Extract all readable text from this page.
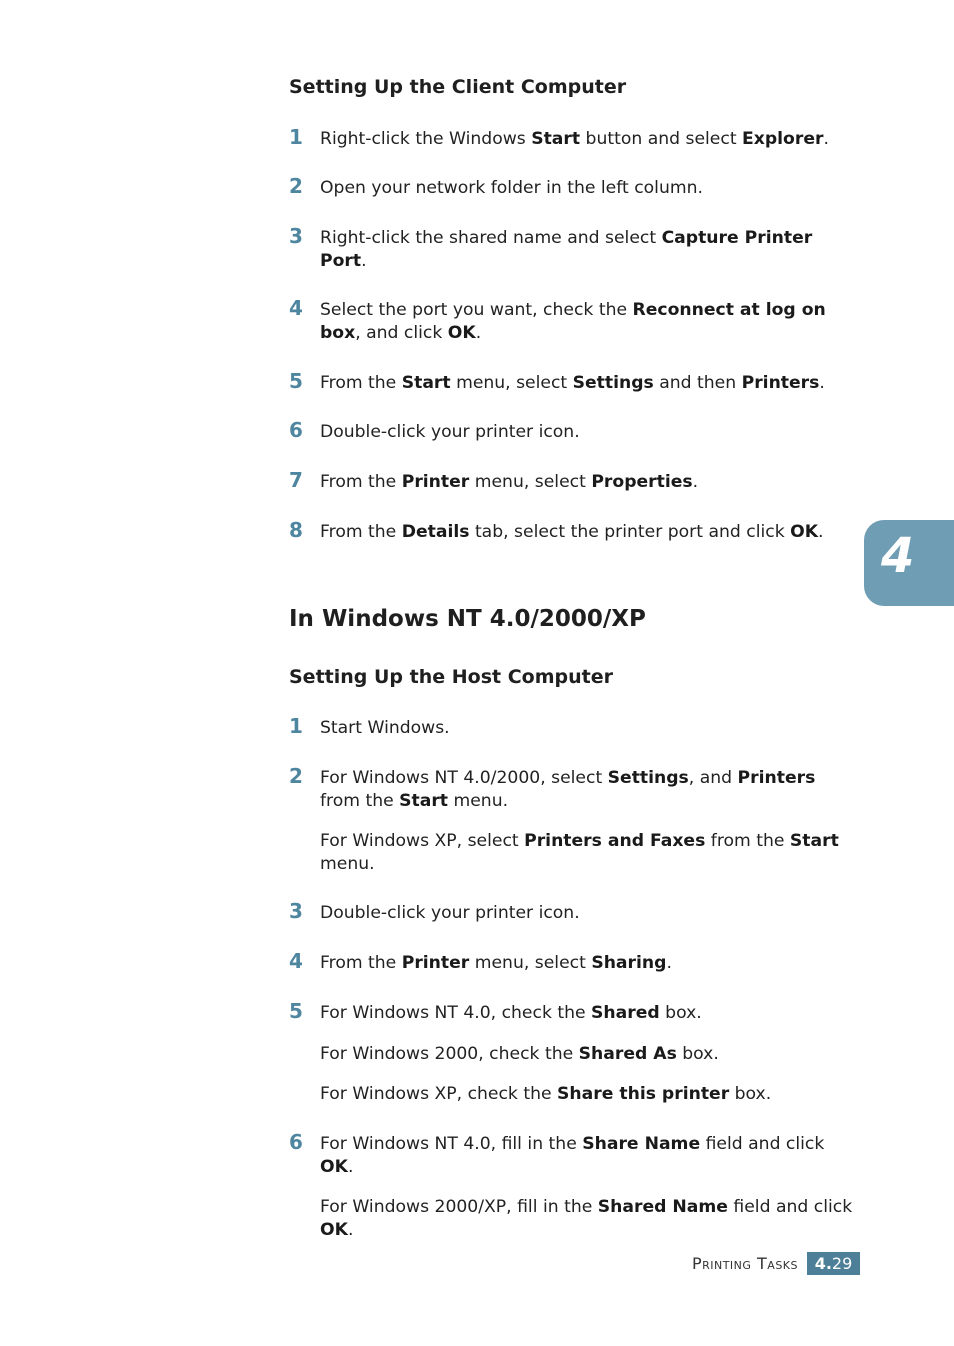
Setting Up the Client Computer
1 Right-click the Windows Start button and select Explorer.
2 Open your network folder in the left column.
3 Right-click the shared name and select Capture Printer Port.
4 Select the port you want, check the Reconnect at log on box, and click OK.
5 From the Start menu, select Settings and then Printers.
6 Double-click your printer icon.
7 From the Printer menu, select Properties.
8 From the Details tab, select the printer port and click OK.
In Windows NT 4.0/2000/XP
Setting Up the Host Computer
1 Start Windows.
2 For Windows NT 4.0/2000, select Settings, and Printers from the Start menu.
For Windows XP, select Printers and Faxes from the Start menu.
3 Double-click your printer icon.
4 From the Printer menu, select Sharing.
5 For Windows NT 4.0, check the Shared box.
For Windows 2000, check the Shared As box.
For Windows XP, check the Share this printer box.
6 For Windows NT 4.0, fill in the Share Name field and click OK.
For Windows 2000/XP, fill in the Shared Name field and click OK.
4
Printing Tasks	4.29
